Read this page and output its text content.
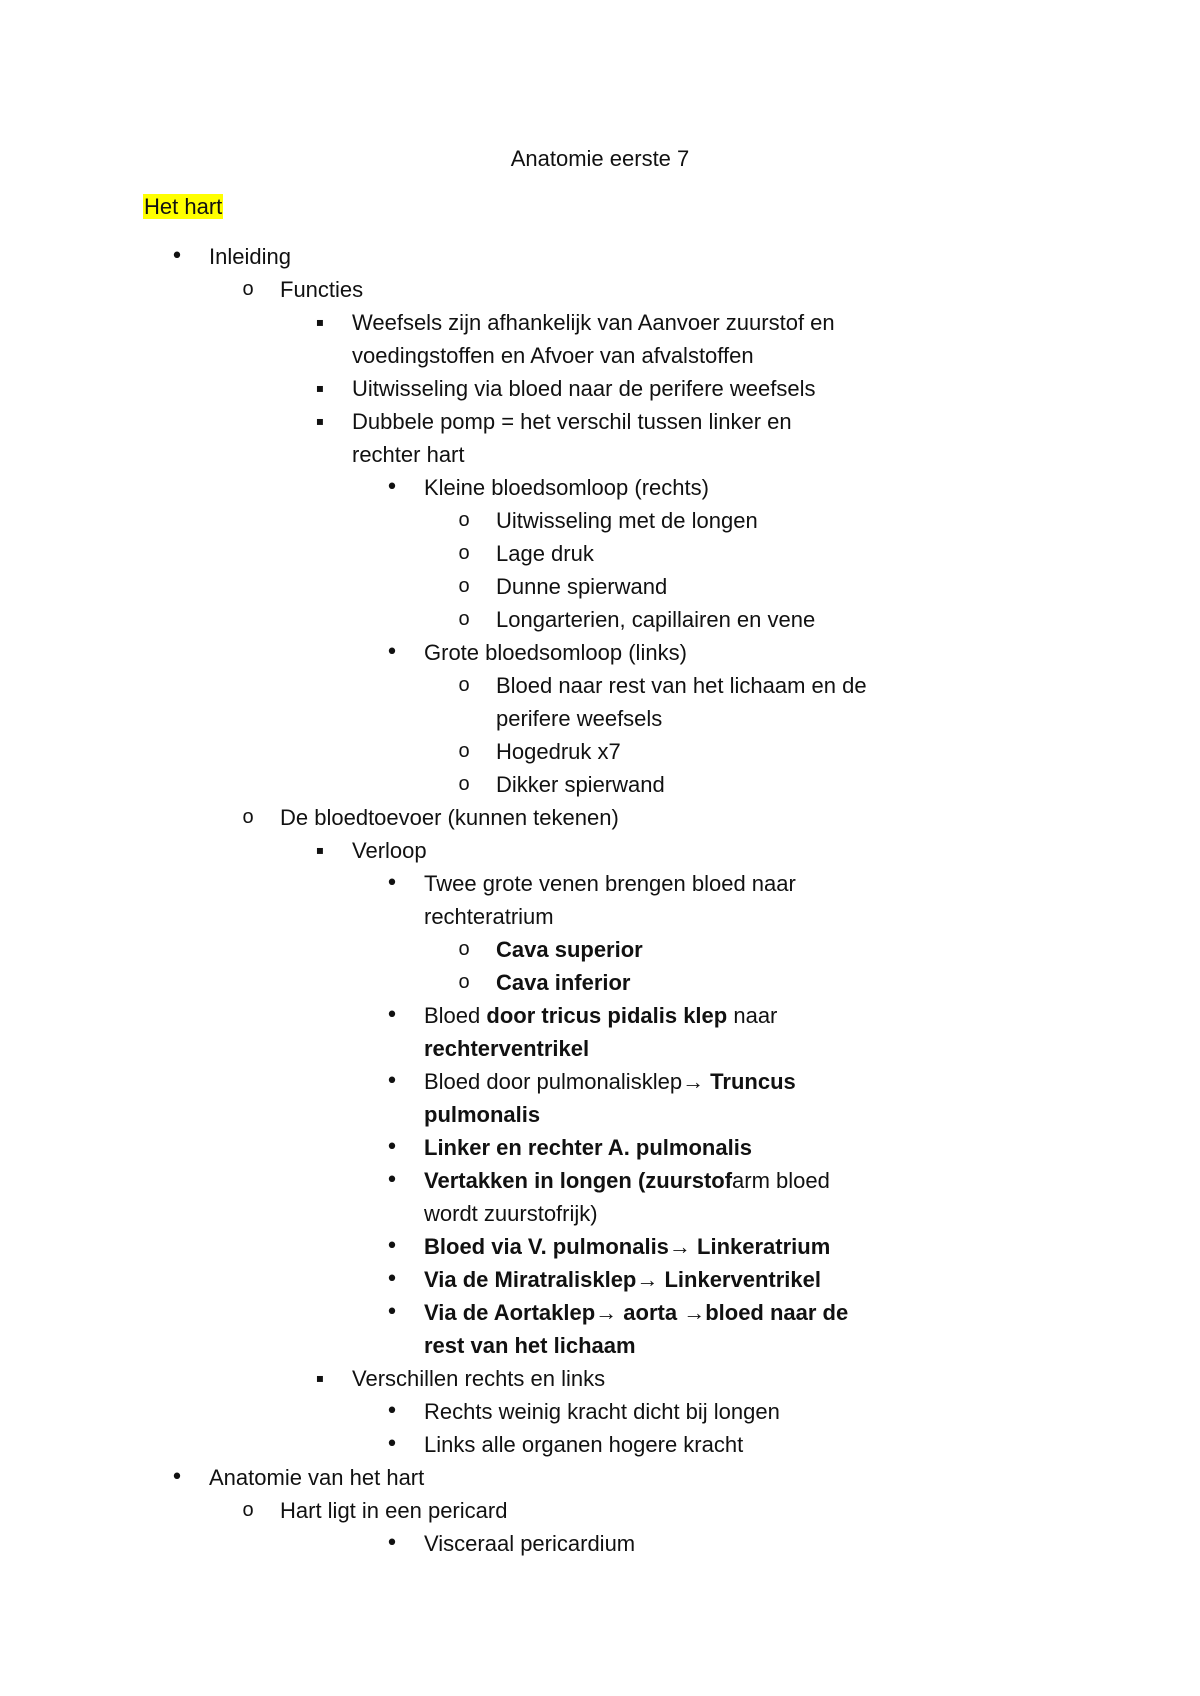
Anatomie eerste 7
Het hart
• Inleiding
o Functies
▪	Weefsels zijn afhankelijk van Aanvoer zuurstof en
voedingstoffen en Afvoer van afvalstoffen
▪	Uitwisseling via bloed naar de perifere weefsels
▪	Dubbele pomp = het verschil tussen linker en
rechter hart
• Kleine bloedsomloop (rechts)
o Uitwisseling met de longen
o Lage druk
o Dunne spierwand
o Longarterien, capillairen en vene
• Grote bloedsomloop (links)
o Bloed naar rest van het lichaam en de
perifere weefsels
o Hogedruk x7
o Dikker spierwand
o De bloedtoevoer (kunnen tekenen)
▪	Verloop
• Twee grote venen brengen bloed naar
rechteratrium
o Cava superior
o Cava inferior
• Bloed door tricus pidalis klep naar
rechterventrikel
• Bloed door pulmonalisklep→ Truncus
pulmonalis
• Linker en rechter A. pulmonalis
• Vertakken in longen (zuurstofarm bloed
wordt zuurstofrijk)
• Bloed via V. pulmonalis→ Linkeratrium
• Via de Miratralisklep→ Linkerventrikel
• Via de Aortaklep→ aorta →bloed naar de
rest van het lichaam
▪	Verschillen rechts en links
• Rechts weinig kracht dicht bij longen
• Links alle organen hogere kracht
• Anatomie van het hart
o Hart ligt in een pericard
• Visceraal pericardium
